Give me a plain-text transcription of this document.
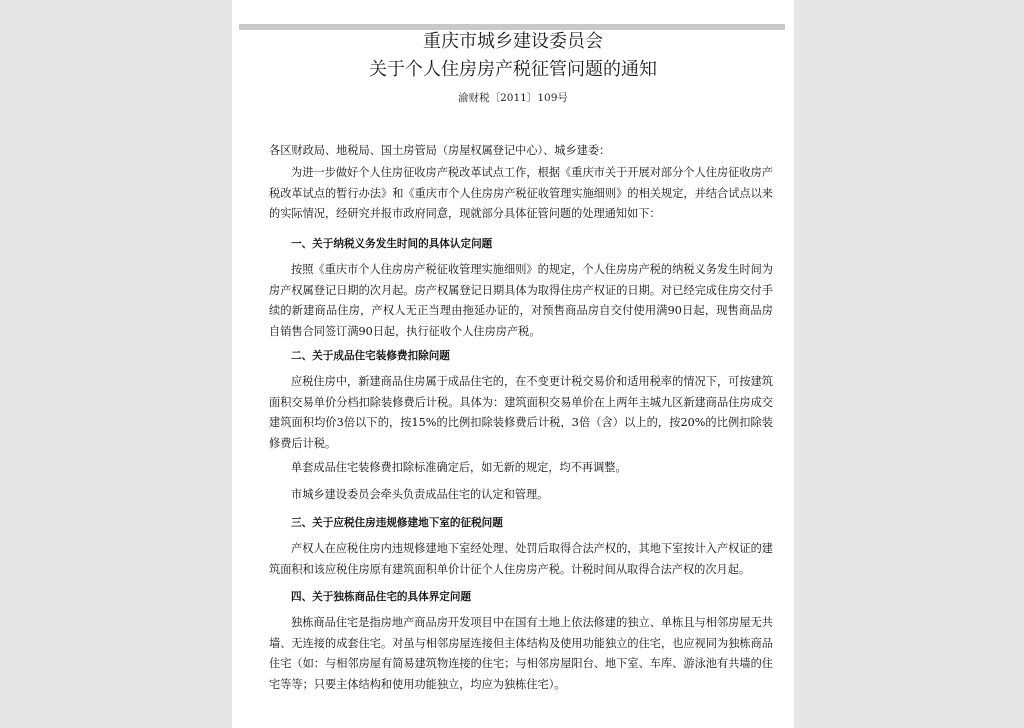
重庆市城乡建设委员会
关于个人住房房产税征管问题的通知
渝财税〔2011〕109号
各区财政局、地税局、国土房管局（房屋权属登记中心）、城乡建委：
为进一步做好个人住房征收房产税改革试点工作，根据《重庆市关于开展对部分个人住房征收房产税改革试点的暂行办法》和《重庆市个人住房房产税征收管理实施细则》的相关规定，并结合试点以来的实际情况，经研究并报市政府同意，现就部分具体征管问题的处理通知如下：
一、关于纳税义务发生时间的具体认定问题
按照《重庆市个人住房房产税征收管理实施细则》的规定，个人住房房产税的纳税义务发生时间为房产权属登记日期的次月起。房产权属登记日期具体为取得住房产权证的日期。对已经完成住房交付手续的新建商品住房，产权人无正当理由拖延办证的，对预售商品房自交付使用满90日起，现售商品房自销售合同签订满90日起，执行征收个人住房房产税。
二、关于成品住宅装修费扣除问题
应税住房中，新建商品住房属于成品住宅的，在不变更计税交易价和适用税率的情况下，可按建筑面积交易单价分档扣除装修费后计税。具体为：建筑面积交易单价在上两年主城九区新建商品住房成交建筑面积均价3倍以下的，按15%的比例扣除装修费后计税，3倍（含）以上的，按20%的比例扣除装修费后计税。
单套成品住宅装修费扣除标准确定后，如无新的规定，均不再调整。
市城乡建设委员会牵头负责成品住宅的认定和管理。
三、关于应税住房违规修建地下室的征税问题
产权人在应税住房内违规修建地下室经处理、处罚后取得合法产权的，其地下室按计入产权证的建筑面积和该应税住房原有建筑面积单价计征个人住房房产税。计税时间从取得合法产权的次月起。
四、关于独栋商品住宅的具体界定问题
独栋商品住宅是指房地产商品房开发项目中在国有土地上依法修建的独立、单栋且与相邻房屋无共墙、无连接的成套住宅。对虽与相邻房屋连接但主体结构及使用功能独立的住宅，也应视同为独栋商品住宅（如：与相邻房屋有简易建筑物连接的住宅；与相邻房屋阳台、地下室、车库、游泳池有共墙的住宅等等；只要主体结构和使用功能独立，均应为独栋住宅）。
